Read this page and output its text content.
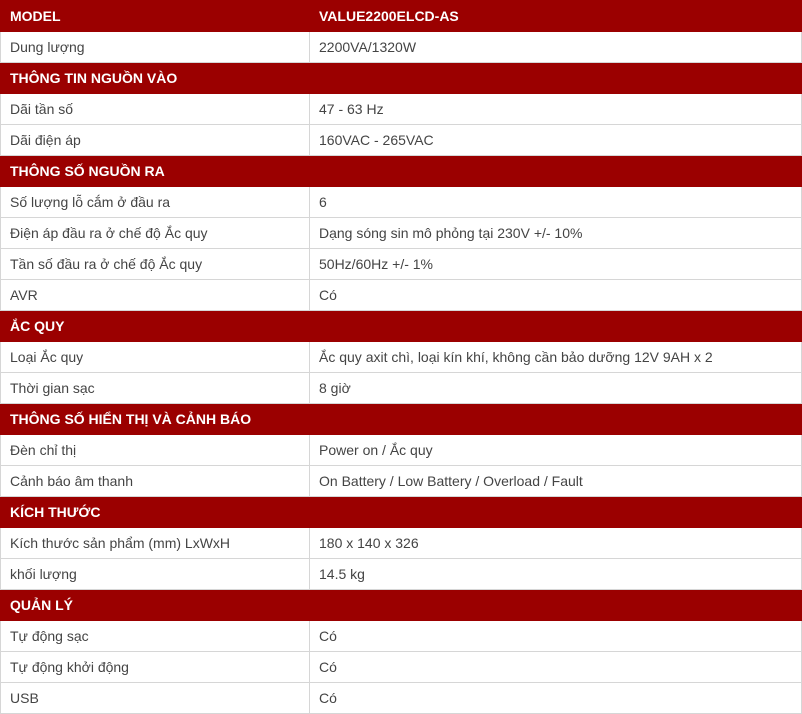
MODEL	VALUE2200ELCD-AS
Dung lượng	2200VA/1320W
THÔNG TIN NGUỒN VÀO	
Dãi tần số	47 - 63 Hz
Dãi điện áp	160VAC - 265VAC
THÔNG SỐ NGUỒN RA	
Số lượng lỗ cắm ở đầu ra	6
Điện áp đầu ra ở chế độ Ắc quy	Dạng sóng sin mô phỏng tại 230V +/- 10%
Tần số đầu ra ở chế độ Ắc quy	50Hz/60Hz +/- 1%
AVR	Có
ẮC QUY	
Loại Ắc quy	Ắc quy axit chì, loại kín khí, không cần bảo dưỡng 12V 9AH x 2
Thời gian sạc	8 giờ
THÔNG SỐ HIỂN THỊ VÀ CẢNH BÁO	
Đèn chỉ thị	Power on / Ắc quy
Cảnh báo âm thanh	On Battery / Low Battery / Overload / Fault
KÍCH THƯỚC	
Kích thước sản phẩm (mm) LxWxH	180 x 140 x 326
khối lượng	14.5 kg
QUẢN LÝ	
Tự động sạc	Có
Tự động khởi động	Có
USB	Có
